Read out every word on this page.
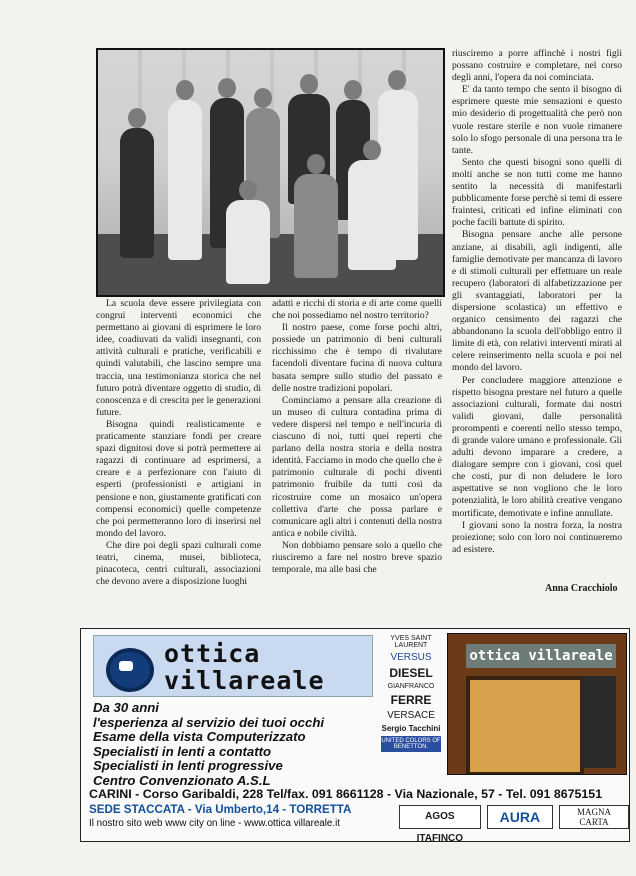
La scuola deve essere privilegiata con congrui interventi economici che permettano ai giovani di esprimere le loro idee, coadiuvati da validi insegnanti, con attività culturali e pratiche, verificabili e quindi valutabili, che lascino sempre una traccia, una testimonianza storica che nel futuro potrà diventare oggetto di studio, di conoscenza e di crescita per le generazioni future.

Bisogna quindi realisticamente e praticamente stanziare fondi per creare spazi dignitosi dove si potrà permettere ai ragazzi di continuare ad esprimersi, a creare e a perfezionare con l'aiuto di esperti (professionisti e artigiani in pensione e non, giustamente gratificati con compensi economici) quelle competenze che poi permetteranno loro di inserirsi nel mondo del lavoro.

Che dire poi degli spazi culturali come teatri, cinema, musei, biblioteca, pinacoteca, centri culturali, associazioni che devono avere a disposizione luoghi

adatti e ricchi di storia e di arte come quelli che noi possediamo nel nostro territorio?

Il nostro paese, come forse pochi altri, possiede un patrimonio di beni culturali ricchissimo che è tempo di rivalutare facendoli diventare fucina di nuova cultura basata sempre sullo studio del passato e delle nostre tradizioni popolari.

Cominciamo a pensare alla creazione di un museo di cultura contadina prima di vedere dispersi nel tempo e nell'incuria di ciascuno di noi, tutti quei reperti che parlano della nostra storia e della nostra identità. Facciamo in modo che quello che è patrimonio culturale di pochi diventi patrimonio fruibile da tutti così da ricostruire come un mosaico un'opera collettiva d'arte che possa parlare e comunicare agli altri i contenuti della nostra antica e nobile civiltà.

Non dobbiamo pensare solo a quello che riusciremo a fare nel nostro breve spazio temporale, ma alle basi che

riusciremo a porre affinchè i nostri figli possano costruire e completare, nel corso degli anni, l'opera da noi cominciata.

E' da tanto tempo che sento il bisogno di esprimere queste mie sensazioni e questo mio desiderio di progettualità che però non vuole restare sterile e non vuole rimanere solo lo sfogo personale di una persona tra le tante.

Sento che questi bisogni sono quelli di molti anche se non tutti come me hanno sentito la necessità di manifestarli pubblicamente forse perchè si temi di essere fraintesi, criticati ed infine eliminati con poche facili battute di spirito.

Bisogna pensare anche alle persone anziane, ai disabili, agli indigenti, alle famiglie demotivate per mancanza di lavoro e di stimoli culturali per effettuare un reale recupero (laboratori di alfabetizzazione per gli svantaggiati, laboratori per la dispersione scolastica) un effettivo e organico censimento dei ragazzi che abbandonano la scuola dell'obbligo entro il limite di età, con relativi interventi mirati al celere reinserimento nella scuola e poi nel mondo del lavoro.

Per concludere maggiore attenzione e rispetto bisogna prestare nel futuro a quelle associazioni culturali, formate dai nostri validi giovani, dalle personalità prorompenti e coerenti nello stesso tempo, di grande valore umano e professionale. Gli adulti devono imparare a credere, a dialogare sempre con i giovani, così quel che costi, pur di non deludere le loro aspettative se non vogliono che le loro potenzialità, le loro abilità creative vengano mortificate, demotivate e infine annullate.

I giovani sono la nostra forza, la nostra proiezione; solo con loro noi continueremo ad esistere.

Anna Cracchiolo
ottica
villareale
YVES SAINT LAURENT
VERSUS
DIESEL
GIANFRANCO
FERRE
VERSACE
Sergio Tacchini
UNITED COLORS OF BENETTON.
ottica villareale
Da 30 anni
l'esperienza al servizio dei tuoi occhi
Esame della vista Computerizzato
Specialisti in lenti a contatto
Specialisti in lenti progressive
Centro Convenzionato A.S.L
CARINI - Corso Garibaldi, 228 Tel/fax. 091 8661128 - Via Nazionale, 57 - Tel. 091 8675151
SEDE STACCATA - Via Umberto,14 - TORRETTA
Il nostro sito web www city on line - www.ottica villareale.it
AGOS ITAFINCO
AURA	MAGNA CARTA
